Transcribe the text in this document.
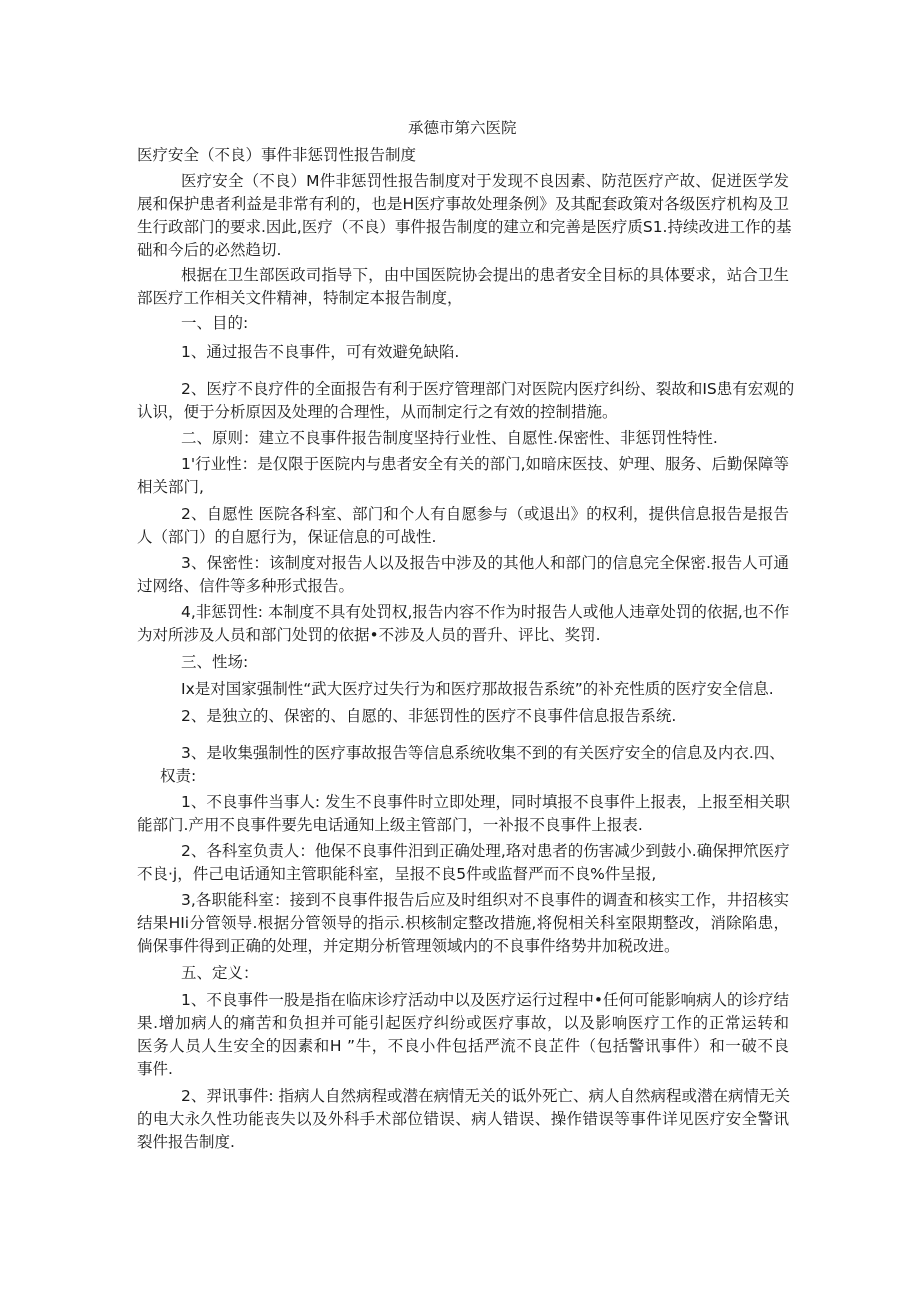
承德市第六医院
医疗安全（不良）事件非惩罚性报告制度
医疗安全（不良）M件非惩罚性报告制度对于发现不良因素、防范医疗产故、促迸医学发
展和保护患者利益是非常有利的，也是H医疗事故处理条例》及其配套政策对各级医疗机构及卫
生行政部门的要求.因此,医疗（不良）事件报告制度的建立和完善是医疗质S1.持续改进工作的基
础和今后的必然趋切.
根据在卫生部医政司指导下，由中国医院协会提出的患者安全目标的具体要求，站合卫生
部医疗工作相关文件精神，特制定本报告制度，
一、目的:
1、通过报告不良事件，可有效避免缺陷.
2、医疗不良疗件的全面报告有利于医疗管理部门对医院内医疗纠纷、裂故和IS患有宏观的
认识，便于分析原因及处理的合理性，从而制定行之有效的控制措施。
二、原则：建立不良事件报告制度坚持行业性、自愿性.保密性、非惩罚性特性.
1'行业性：是仅限于医院内与患者安全有关的部门,如暗床医技、妒理、服务、后勤保障等
相关部门,
2、自愿性 医院各科室、部门和个人有自愿参与（或退出》的权利，提供信息报告是报告
人（部门）的自愿行为，保证信息的可战性.
3、保密性：该制度对报告人以及报告中涉及的其他人和部门的信息完全保密.报告人可通
过网络、信件等多种形式报告。
4,非惩罚性: 本制度不具有处罚权,报告内容不作为时报告人或他人违章处罚的依据,也不作
为对所涉及人员和部门处罚的依据•不涉及人员的晋升、评比、奖罚.
三、性场:
Ix是对国家强制性“武大医疗过失行为和医疗那故报告系统”的补充性质的医疗安全信息.
2、是独立的、保密的、自愿的、非惩罚性的医疗不良事件信息报告系统.
3、是收集强制性的医疗事故报告等信息系统收集不到的有关医疗安全的信息及内衣.四、
权责:
1、不良事件当事人: 发生不良事件时立即处理，同时填报不良事件上报表，上报至相关职
能部门.产用不良事件要先电话通知上级主管部门，一补报不良事件上报表.
2、各科室负责人：他保不良事件汨到正确处理,珞对患者的伤害减少到鼓小.确保押笊医疗
不良·j，件己电话通知主管职能科室，呈报不良5件或监督严而不良%件呈报,
3,各职能科室：接到不良事件报告后应及时组织对不良事件的调査和核实工作，井招核实
结果HIi分管领导.根据分管领导的指示.枳核制定整改措施,将倪相关科室限期整改，消除陷患，
倘保事件得到正确的处理，并定期分析管理领域内的不良事件络势井加税改进。
五、定义：
1、不良事件一股是指在临床诊疗活动中以及医疗运行过程中•任何可能影响病人的诊疗结
果.增加病人的痛苦和负担并可能引起医疗纠纷或医疗事故，以及影响医疗工作的正常运转和
医务人员人生安全的因素和H ”牛，不良小件包括严流不良芷件（包括警讯事件）和一破不良
事件.
2、羿讯事件: 指病人自然病程或潜在病情无关的诋外死亡、病人自然病程或潜在病情无关
的电大永久性功能丧失以及外科手术部位错误、病人错误、操作错误等事件详见医疗安全警讯
裂件报告制度.
